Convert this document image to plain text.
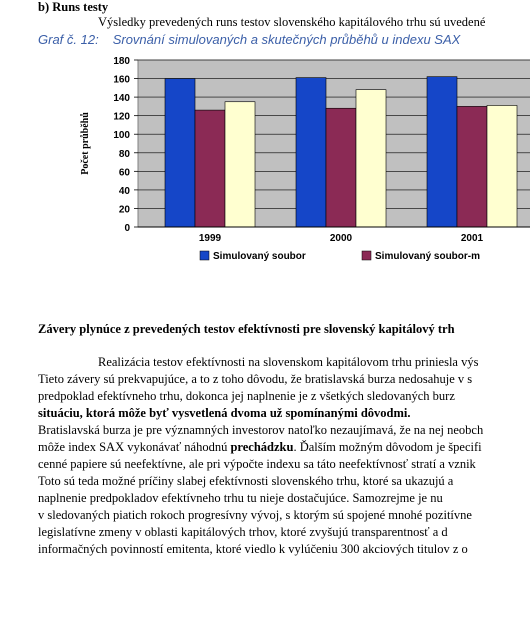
b) Runs testy
Výsledky prevedených runs testov slovenského kapitálového trhu sú uvedené
Graf č. 12: Srovnání simulovaných a skutečných průběhů u indexu SAX
0
20
40
60
80
100
120
140
160
180
Počet průběhů
1999	2000	2001
Simulovaný soubor	Simulovaný soubor-m
Závery plynúce z prevedených testov efektívnosti pre slovenský kapitálový trh
Realizácia testov efektívnosti na slovenskom kapitálovom trhu priniesla výs
Tieto závery sú prekvapujúce, a to z toho dôvodu, že bratislavská burza nedosahuje v s
predpoklad efektívneho trhu, dokonca jej naplnenie je z všetkých sledovaných burz
situáciu, ktorá môže byť vysvetlená dvoma už spomínanými dôvodmi.
Bratislavská burza je pre významných investorov natoľko nezaujímavá, že na nej neobch
môže index SAX vykonávať náhodnú prechádzku. Ďalším možným dôvodom je špecifi
cenné papiere sú neefektívne, ale pri výpočte indexu sa táto neefektívnosť stratí a vznik
Toto sú teda možné príčiny slabej efektívnosti slovenského trhu, ktoré sa ukazujú a
naplnenie predpokladov efektívneho trhu tu nieje dostačujúce. Samozrejme je nu
v sledovaných piatich rokoch progresívny vývoj, s ktorým sú spojené mnohé pozitívne
legislatívne zmeny v oblasti kapitálových trhov, ktoré zvyšujú transparentnosť a d
informačných povinností emitenta, ktoré viedlo k vylúčeniu 300 akciových titulov z o
